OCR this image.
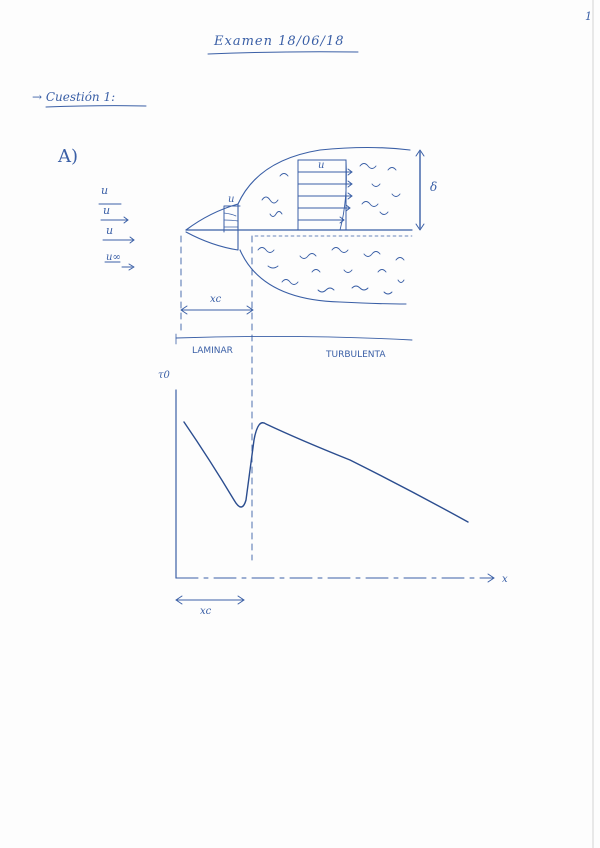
1
Examen 18/06/18
→ Cuestión 1:
A)
u
u
u
u∞
u
u
δ
xc
LAMINAR	TURBULENTA
τ0
x
xc
